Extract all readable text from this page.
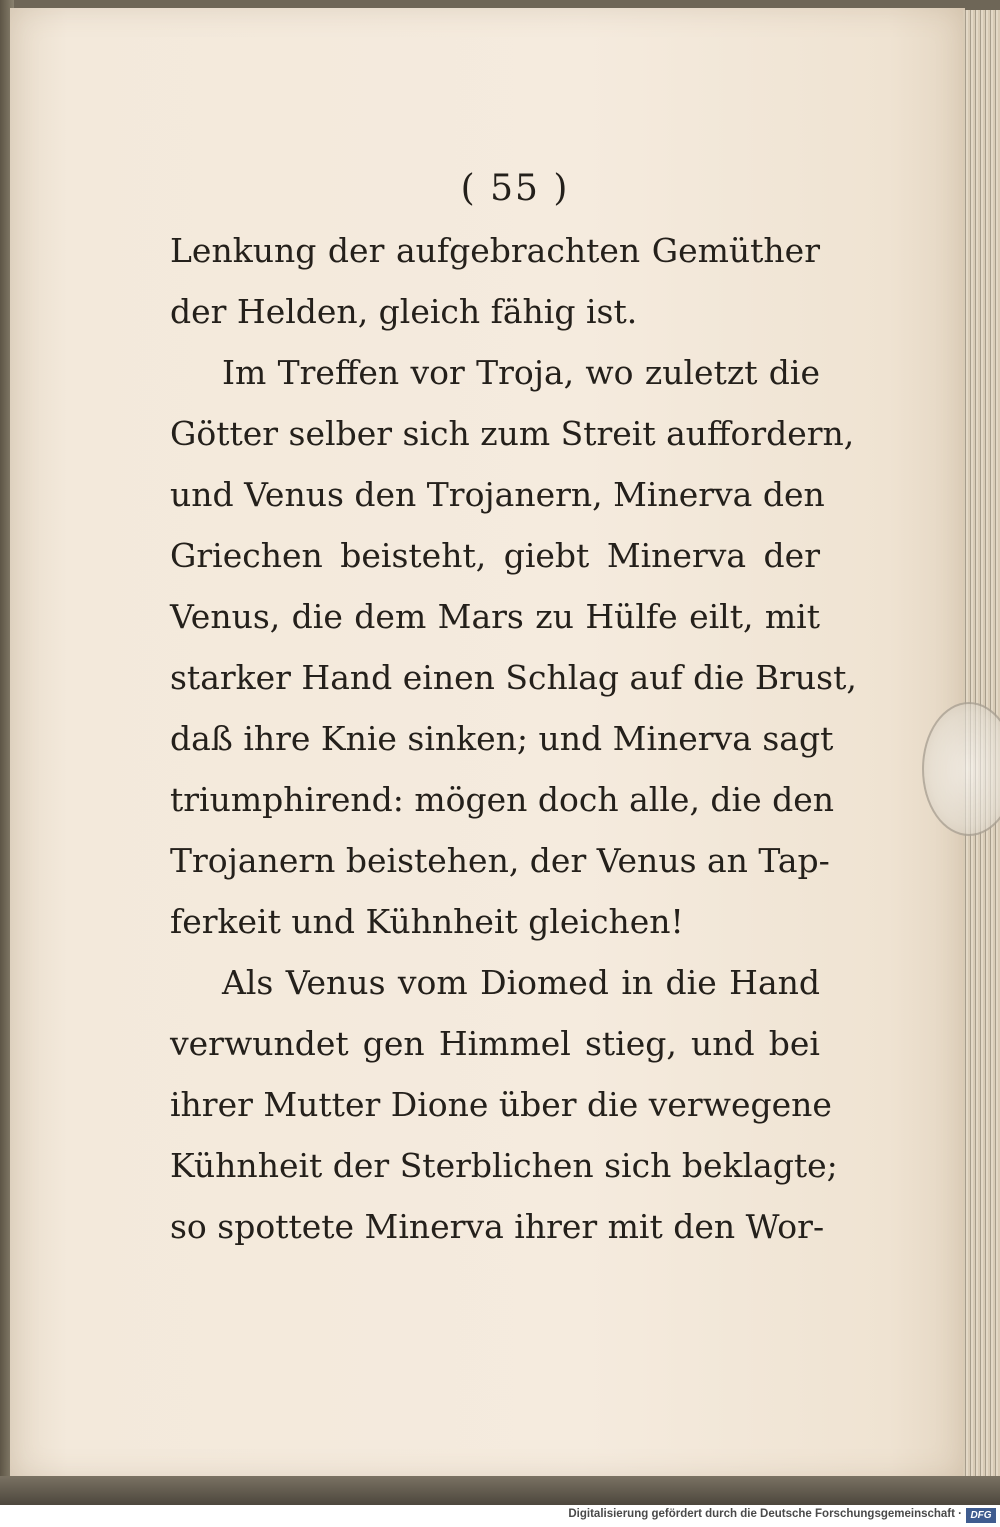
( 55 )
Lenkung der aufgebrachten Gemüther
der Helden, gleich fähig ist.
Im Treffen vor Troja, wo zuletzt die
Götter selber sich zum Streit auffordern,
und Venus den Trojanern, Minerva den
Griechen beisteht, giebt Minerva der
Venus, die dem Mars zu Hülfe eilt, mit
starker Hand einen Schlag auf die Brust,
daß ihre Knie sinken; und Minerva sagt
triumphirend: mögen doch alle, die den
Trojanern beistehen, der Venus an Tap-
ferkeit und Kühnheit gleichen!
Als Venus vom Diomed in die Hand
verwundet gen Himmel stieg, und bei
ihrer Mutter Dione über die verwegene
Kühnheit der Sterblichen sich beklagte;
so spottete Minerva ihrer mit den Wor-
Digitalisierung gefördert durch die Deutsche Forschungsgemeinschaft · DFG
